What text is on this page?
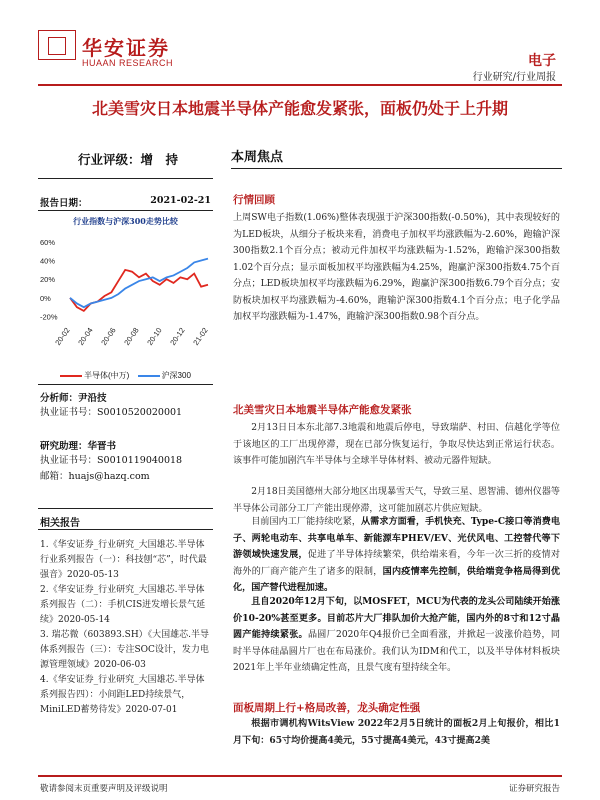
华安证券
HUAAN RESEARCH	电子
行业研究/行业周报
北美雪灾日本地震半导体产能愈发紧张，面板仍处于上升期
行业评级：增　持
报告日期：	2021-02-21
行业指数与沪深300走势比较
60%
40%
20%
0%
-20%
20-02 20-04 20-06 20-08 20-10 20-12 21-02
半导体(中万)	沪深300
分析师：尹沿技
执业证书号：S0010520020001
研究助理：华晋书
执业证书号：S0010119040018
邮箱：huajs@hazq.com
相关报告
1.《华安证券_行业研究_大国雄芯.半导体行业系列报告（一）：科技刨“芯”，时代最强音》2020-05-13
2.《华安证券_行业研究_大国雄芯.半导体系列报告（二）：手机CIS迸发增长景气延续》2020-05-14
3. 瑞芯微（603893.SH）《大国雄芯.半导体系列报告（三）：专注SOC设计，发力电源管理领域》2020-06-03
4.《华安证券_行业研究_大国雄芯.半导体系列报告四）：小间距LED持续景气，MiniLED蓄势待发》2020-07-01
本周焦点
行情回顾
上周SW电子指数(1.06%)整体表现强于沪深300指数(-0.50%)，其中表现较好的为LED板块，从细分子板块来看，消费电子加权平均涨跌幅为-2.60%，跑输沪深300指数2.1个百分点；被动元件加权平均涨跌幅为-1.52%，跑输沪深300指数1.02个百分点；显示面板加权平均涨跌幅为4.25%，跑赢沪深300指数4.75个百分点；LED板块加权平均涨跌幅为6.29%，跑赢沪深300指数6.79个百分点；安防板块加权平均涨跌幅为-4.60%，跑输沪深300指数4.1个百分点；电子化学品加权平均涨跌幅为-1.47%，跑输沪深300指数0.98个百分点。
北美雪灾日本地震半导体产能愈发紧张
2月13日日本东北部7.3地震和地震后停电，导致瑞萨、村田、信越化学等位于该地区的工厂出现停滞，现在已部分恢复运行，争取尽快达到正常运行状态。该事件可能加剧汽车半导体与全球半导体材料、被动元器件短缺。
2月18日美国德州大部分地区出现暴雪天气，导致三星、恩智浦、德州仪器等半导体公司部分工厂产能出现停滞，这可能加剧芯片供应短缺。
目前国内工厂能持续吃紧，从需求方面看，手机快充、Type-C接口等消费电子、两轮电动车、共享电单车、新能源车PHEV/EV、光伏风电、工控替代等下游领域快速发展，促进了半导体持续繁荣，供给端来看，今年一次三折的疫情对海外的厂商产能产生了诸多的限制，国内疫情率先控制，供给端竞争格局得到优化，国产替代进程加速。
且自2020年12月下旬，以MOSFET，MCU为代表的龙头公司陆续开始涨价10-20%甚至更多。目前芯片大厂排队加价大抢产能，国内外的8寸和12寸晶圆产能持续紧张。晶圆厂2020年Q4报价已全面看涨，并掀起一波涨价趋势，同时半导体硅晶圆片厂也在布局涨价。我们认为IDM和代工，以及半导体材料板块2021年上半年业绩确定性高，且景气度有望持续全年。
面板周期上行+格局改善，龙头确定性强
根据市调机构WitsView 2022年2月5日统计的面板2月上旬报价，相比1月下旬：65寸均价提高4美元，55寸提高4美元，43寸提高2美
敬请参阅末页重要声明及评级说明	证券研究报告
